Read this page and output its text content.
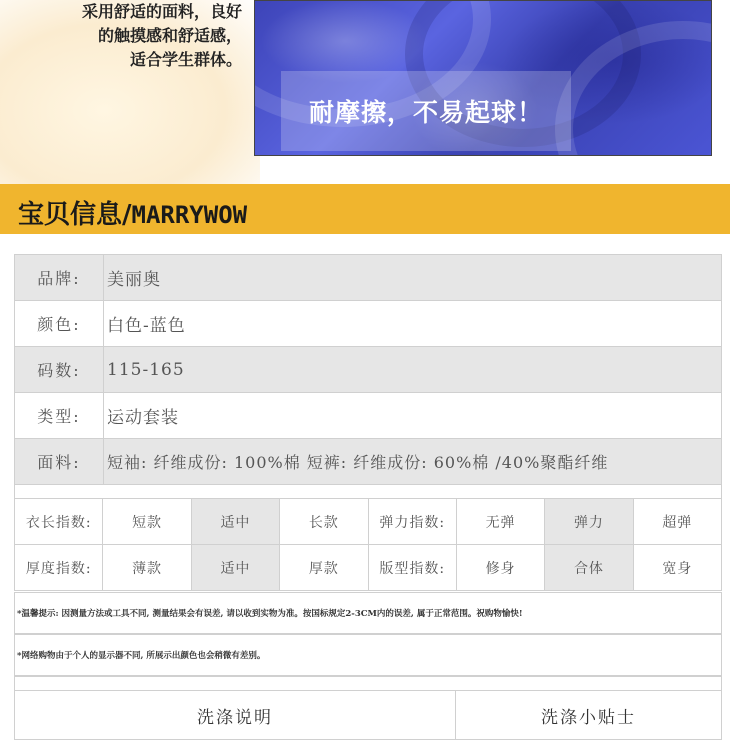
采用舒适的面料，良好
的触摸感和舒适感，
适合学生群体。
耐摩擦，不易起球！
宝贝信息/MARRYWOW
品牌:	美丽奥
颜色:	白色-蓝色
码数:	115-165
类型:	运动套装
面料:	短袖: 纤维成份: 100%棉 短裤: 纤维成份: 60%棉 /40%聚酯纤维
衣长指数:	短款	适中	长款	弹力指数:	无弹	弹力	超弹
厚度指数:	薄款	适中	厚款	版型指数:	修身	合体	宽身
*温馨提示: 因测量方法或工具不同, 测量结果会有误差, 请以收到实物为准。按国标规定2-3CM内的误差, 属于正常范围。祝购物愉快!
*网络购物由于个人的显示器不同, 所展示出颜色也会稍微有差别。
洗涤说明	洗涤小贴士
